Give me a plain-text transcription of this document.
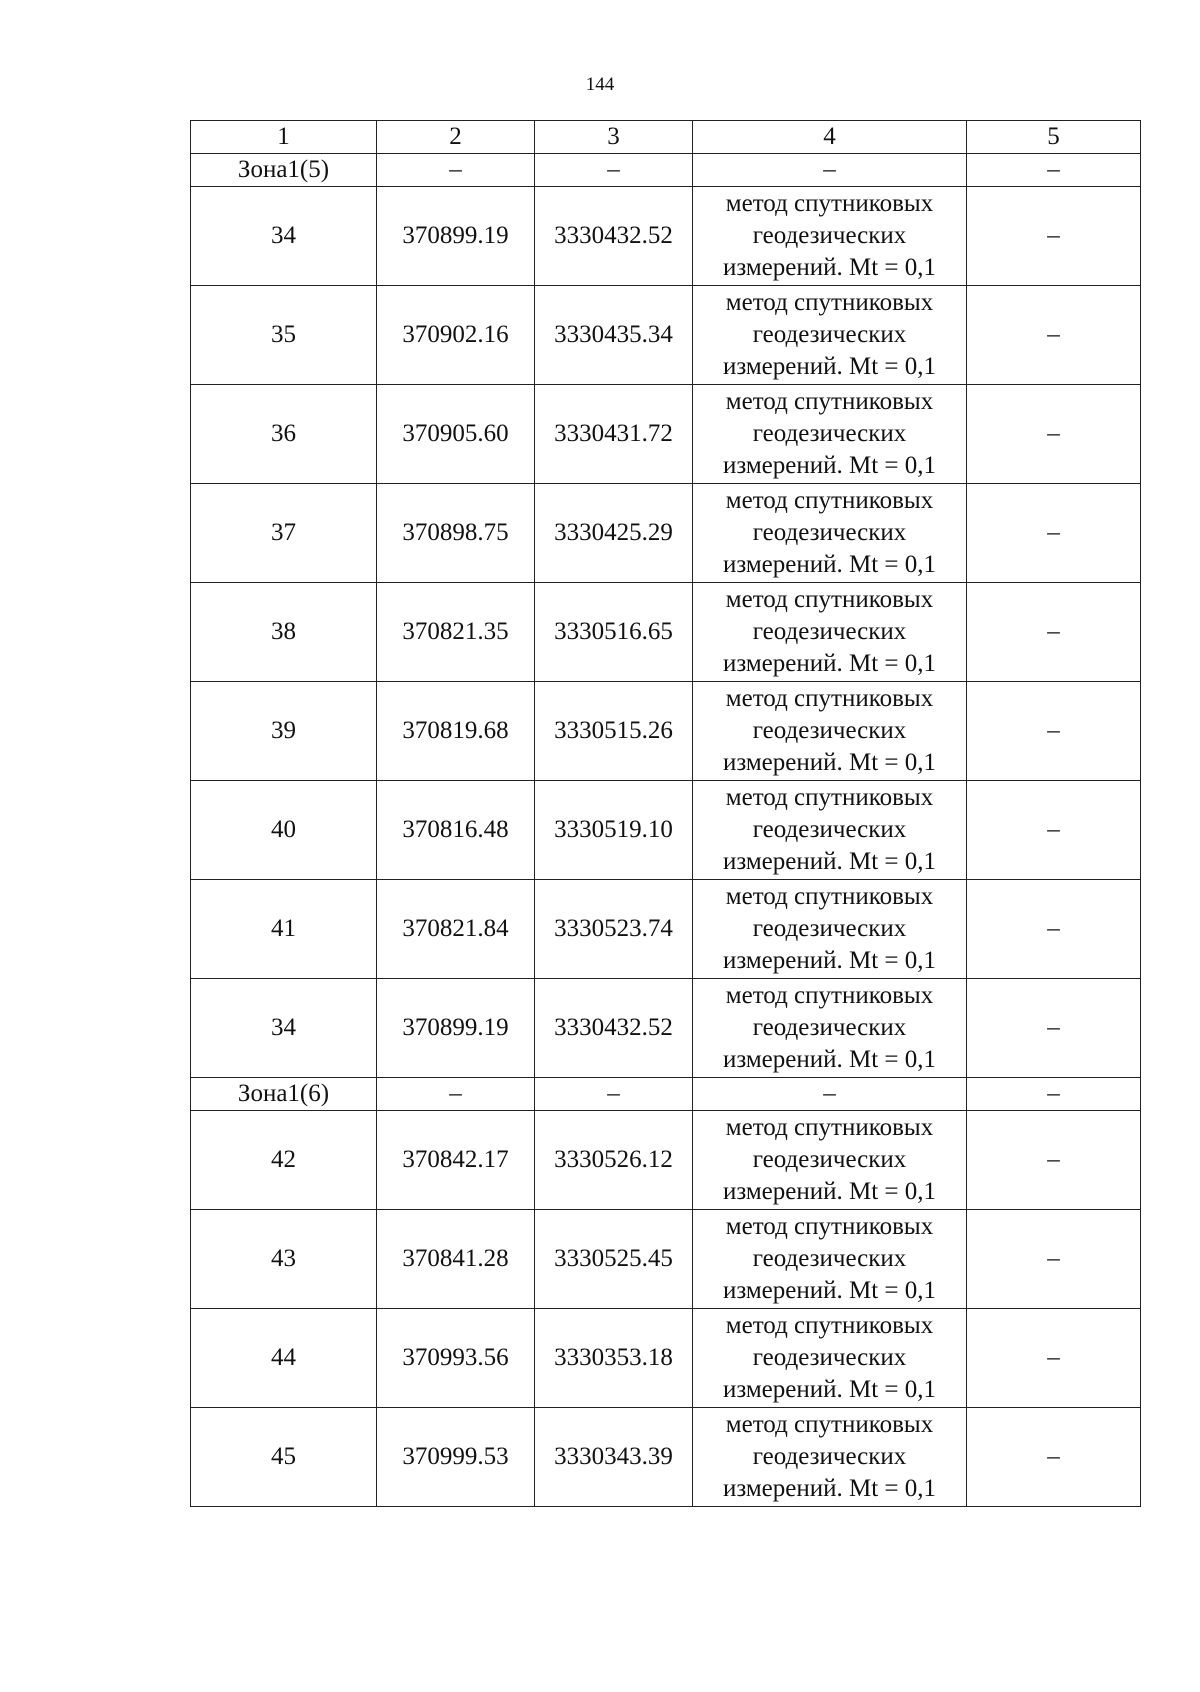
144
1	2	3	4	5
Зона1(5)	–	–	–	–
34	370899.19	3330432.52	метод спутниковых
геодезических
измерений. Mt = 0,1	–
35	370902.16	3330435.34	метод спутниковых
геодезических
измерений. Mt = 0,1	–
36	370905.60	3330431.72	метод спутниковых
геодезических
измерений. Mt = 0,1	–
37	370898.75	3330425.29	метод спутниковых
геодезических
измерений. Mt = 0,1	–
38	370821.35	3330516.65	метод спутниковых
геодезических
измерений. Mt = 0,1	–
39	370819.68	3330515.26	метод спутниковых
геодезических
измерений. Mt = 0,1	–
40	370816.48	3330519.10	метод спутниковых
геодезических
измерений. Mt = 0,1	–
41	370821.84	3330523.74	метод спутниковых
геодезических
измерений. Mt = 0,1	–
34	370899.19	3330432.52	метод спутниковых
геодезических
измерений. Mt = 0,1	–
Зона1(6)	–	–	–	–
42	370842.17	3330526.12	метод спутниковых
геодезических
измерений. Mt = 0,1	–
43	370841.28	3330525.45	метод спутниковых
геодезических
измерений. Mt = 0,1	–
44	370993.56	3330353.18	метод спутниковых
геодезических
измерений. Mt = 0,1	–
45	370999.53	3330343.39	метод спутниковых
геодезических
измерений. Mt = 0,1	–
